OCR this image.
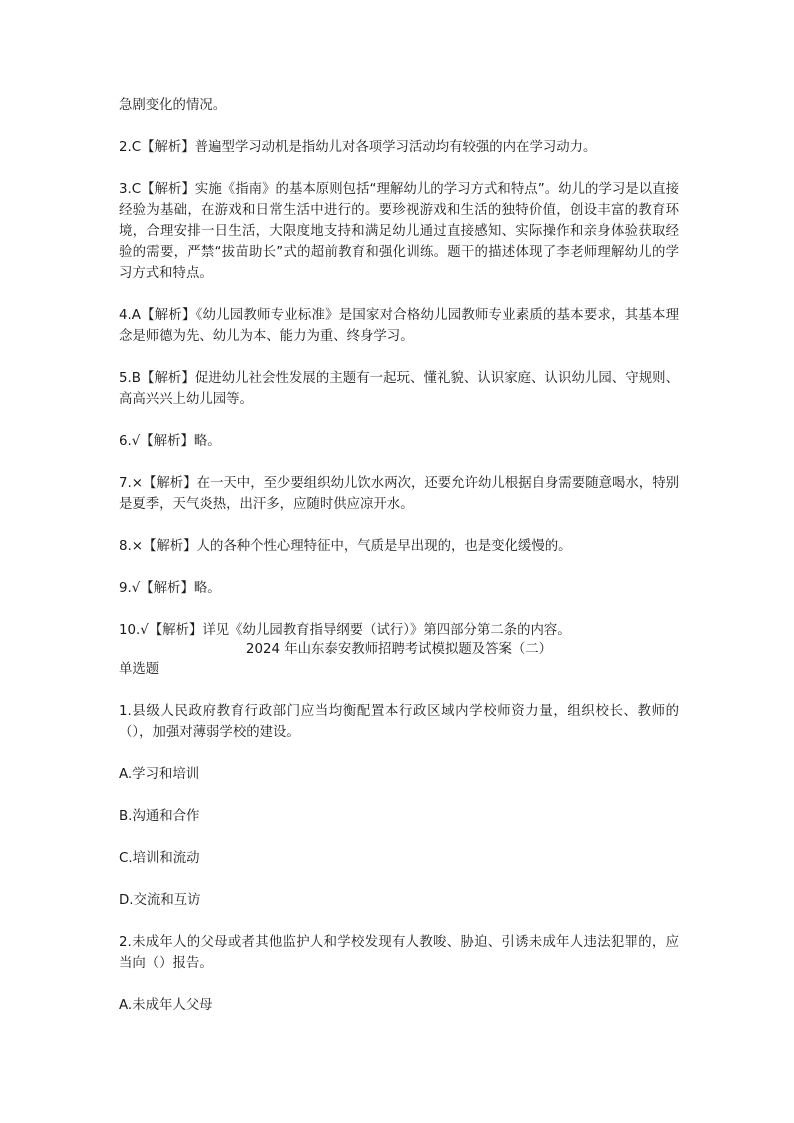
急剧变化的情况。

2.C【解析】普遍型学习动机是指幼儿对各项学习活动均有较强的内在学习动力。

3.C【解析】实施《指南》的基本原则包括“理解幼儿的学习方式和特点”。幼儿的学习是以直接经验为基础，在游戏和日常生活中进行的。要珍视游戏和生活的独特价值，创设丰富的教育环境，合理安排一日生活，大限度地支持和满足幼儿通过直接感知、实际操作和亲身体验获取经验的需要，严禁“拔苗助长”式的超前教育和强化训练。题干的描述体现了李老师理解幼儿的学习方式和特点。

4.A【解析】《幼儿园教师专业标准》是国家对合格幼儿园教师专业素质的基本要求，其基本理念是师德为先、幼儿为本、能力为重、终身学习。

5.B【解析】促进幼儿社会性发展的主题有一起玩、懂礼貌、认识家庭、认识幼儿园、守规则、高高兴兴上幼儿园等。

6.√【解析】略。

7.×【解析】在一天中，至少要组织幼儿饮水两次，还要允许幼儿根据自身需要随意喝水，特别是夏季，天气炎热，出汗多，应随时供应凉开水。

8.×【解析】人的各种个性心理特征中，气质是早出现的，也是变化缓慢的。

9.√【解析】略。

10.√【解析】详见《幼儿园教育指导纲要（试行）》第四部分第二条的内容。

2024 年山东泰安教师招聘考试模拟题及答案（二）

单选题

1.县级人民政府教育行政部门应当均衡配置本行政区域内学校师资力量，组织校长、教师的（），加强对薄弱学校的建设。

A.学习和培训

B.沟通和合作

C.培训和流动

D.交流和互访

2.未成年人的父母或者其他监护人和学校发现有人教唆、胁迫、引诱未成年人违法犯罪的，应当向（）报告。

A.未成年人父母
